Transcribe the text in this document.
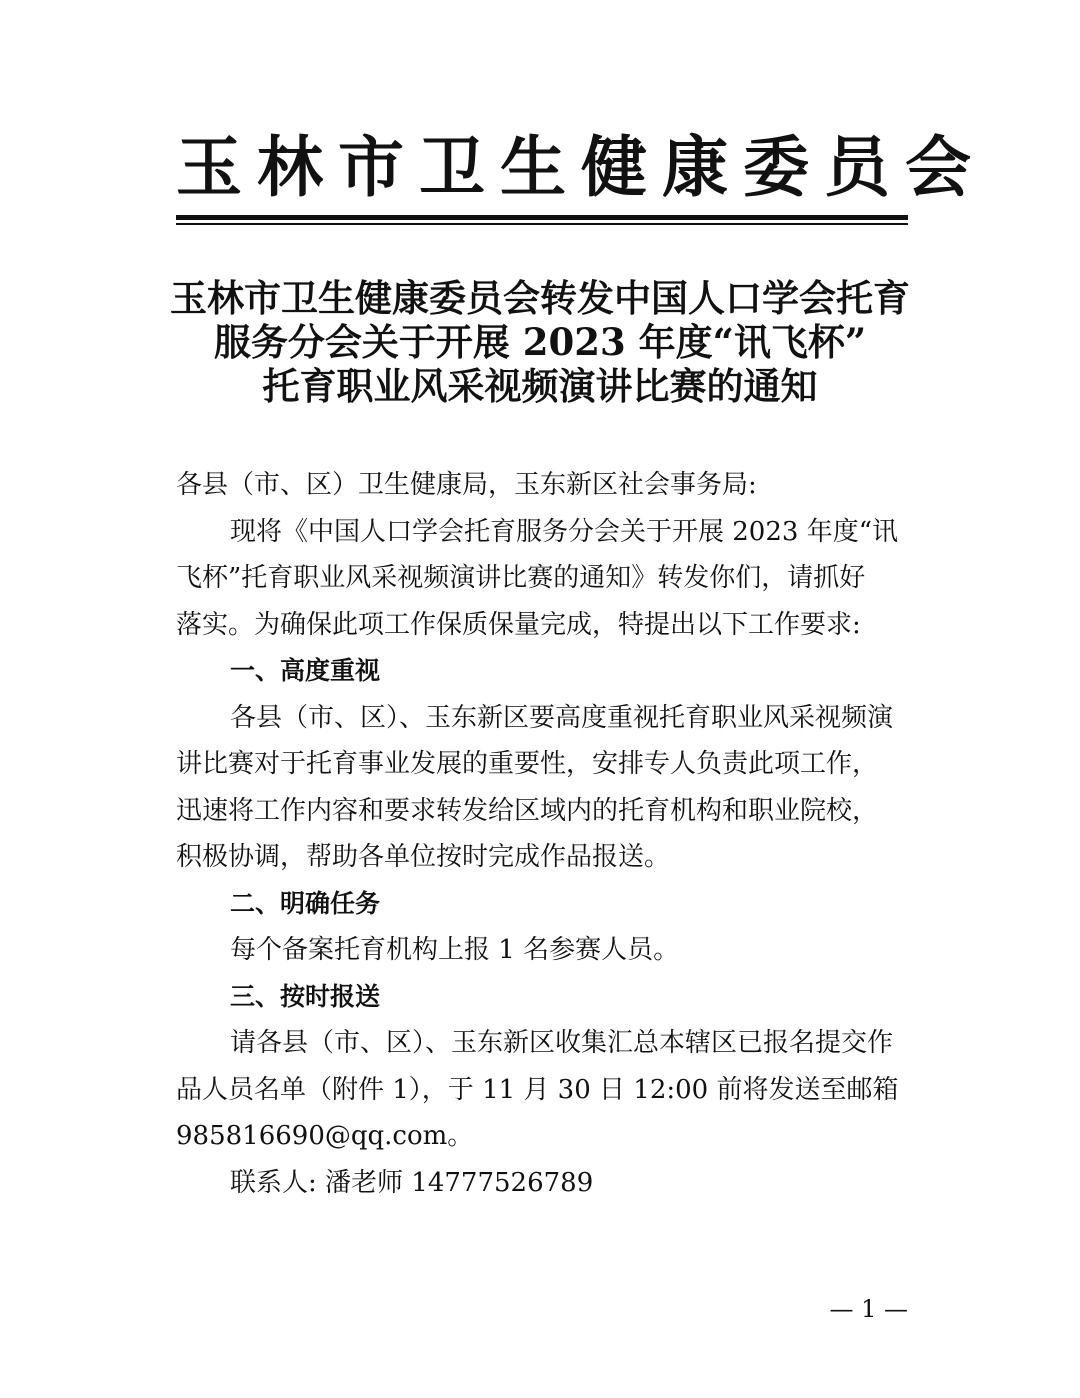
玉林市卫生健康委员会
玉林市卫生健康委员会转发中国人口学会托育
服务分会关于开展 2023 年度“讯飞杯”
托育职业风采视频演讲比赛的通知
各县（市、区）卫生健康局，玉东新区社会事务局:
现将《中国人口学会托育服务分会关于开展 2023 年度“讯
飞杯”托育职业风采视频演讲比赛的通知》转发你们，请抓好
落实。为确保此项工作保质保量完成，特提出以下工作要求:
一、高度重视
各县（市、区）、玉东新区要高度重视托育职业风采视频演
讲比赛对于托育事业发展的重要性，安排专人负责此项工作，
迅速将工作内容和要求转发给区域内的托育机构和职业院校，
积极协调，帮助各单位按时完成作品报送。
二、明确任务
每个备案托育机构上报 1 名参赛人员。
三、按时报送
请各县（市、区）、玉东新区收集汇总本辖区已报名提交作
品人员名单（附件 1），于 11 月 30 日 12:00 前将发送至邮箱
985816690@qq.com。
联系人: 潘老师 14777526789
— 1 —
